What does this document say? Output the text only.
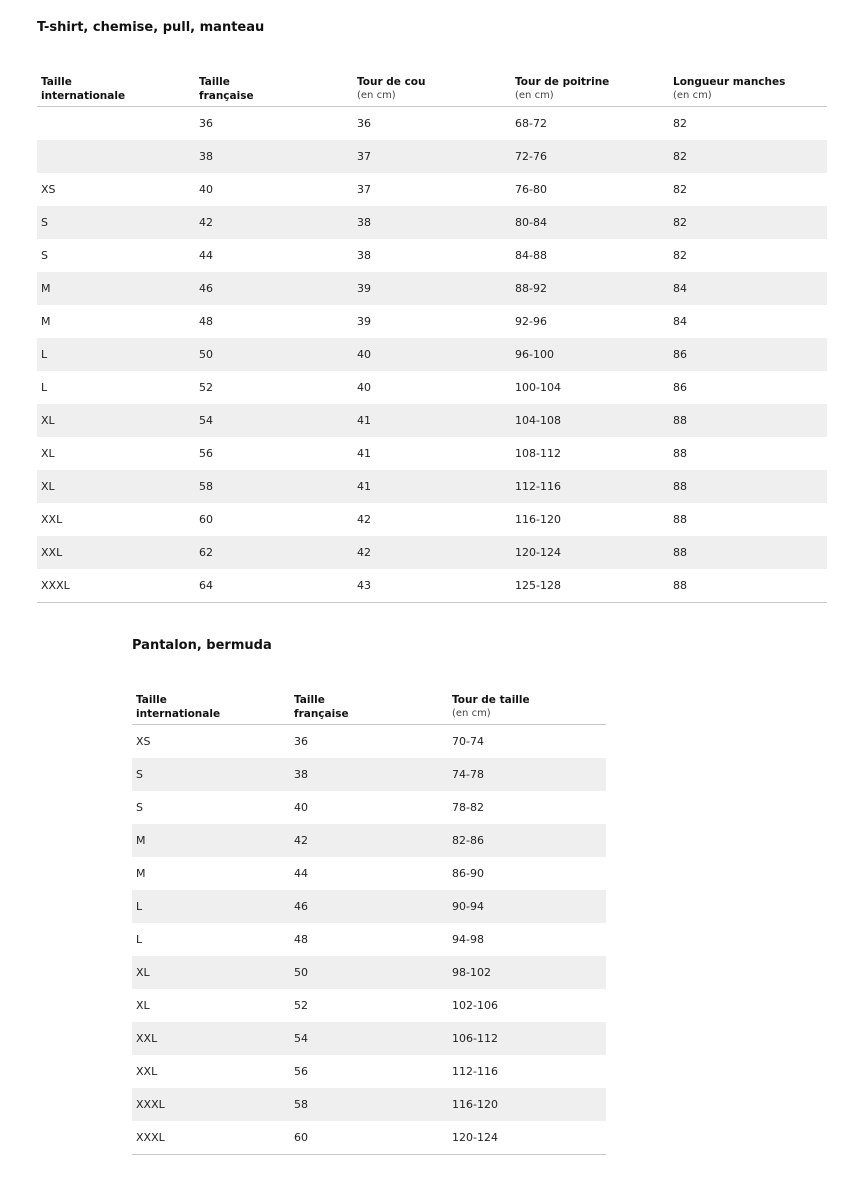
T-shirt, chemise, pull, manteau
Taille
internationale	Taille
française	Tour de cou
(en cm)	Tour de poitrine
(en cm)	Longueur manches
(en cm)

	36	36	68-72	82
	38	37	72-76	82
XS	40	37	76-80	82
S	42	38	80-84	82
S	44	38	84-88	82
M	46	39	88-92	84
M	48	39	92-96	84
L	50	40	96-100	86
L	52	40	100-104	86
XL	54	41	104-108	88
XL	56	41	108-112	88
XL	58	41	112-116	88
XXL	60	42	116-120	88
XXL	62	42	120-124	88
XXXL	64	43	125-128	88
Pantalon, bermuda
Taille
internationale	Taille
française	Tour de taille
(en cm)

XS	36	70-74
S	38	74-78
S	40	78-82
M	42	82-86
M	44	86-90
L	46	90-94
L	48	94-98
XL	50	98-102
XL	52	102-106
XXL	54	106-112
XXL	56	112-116
XXXL	58	116-120
XXXL	60	120-124
